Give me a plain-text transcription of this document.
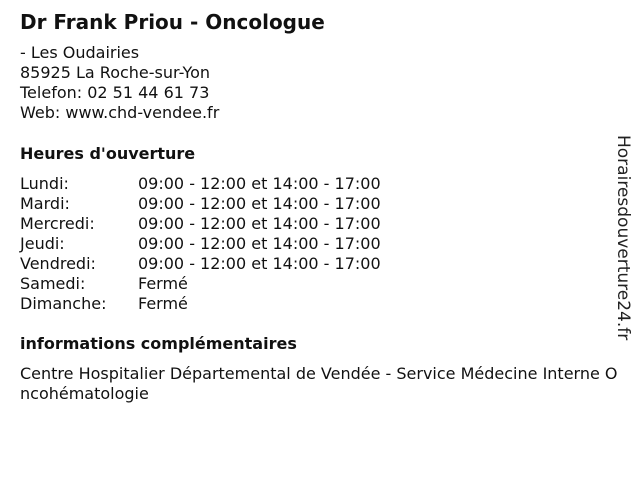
Dr Frank Priou - Oncologue
- Les Oudairies
85925 La Roche-sur-Yon
Telefon: 02 51 44 61 73
Web: www.chd-vendee.fr
Heures d'ouverture
Lundi:	09:00 - 12:00 et 14:00 - 17:00
Mardi:	09:00 - 12:00 et 14:00 - 17:00
Mercredi:	09:00 - 12:00 et 14:00 - 17:00
Jeudi:	09:00 - 12:00 et 14:00 - 17:00
Vendredi:	09:00 - 12:00 et 14:00 - 17:00
Samedi:	Fermé
Dimanche: Fermé
informations complémentaires
Centre Hospitalier Départemental de Vendée - Service Médecine Interne Oncohématologie
Horairesdouverture24.fr
